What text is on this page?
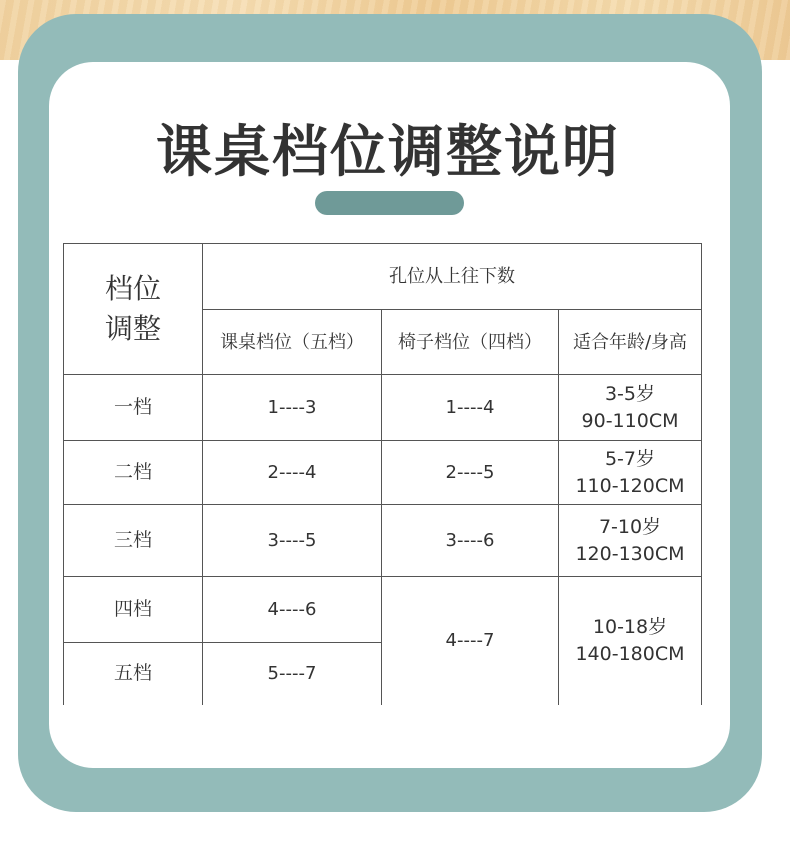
课桌档位调整说明
档位
调整	孔位从上往下数		
	课桌档位（五档）	椅子档位（四档）	适合年龄/身高
一档	1----3	1----4	3-5岁
90-110CM

二档	2----4	2----5	5-7岁
110-120CM

三档	3----5	3----6	7-10岁
120-130CM

四档	4----6	4----7	10-18岁
140-180CM

五档	5----7		
